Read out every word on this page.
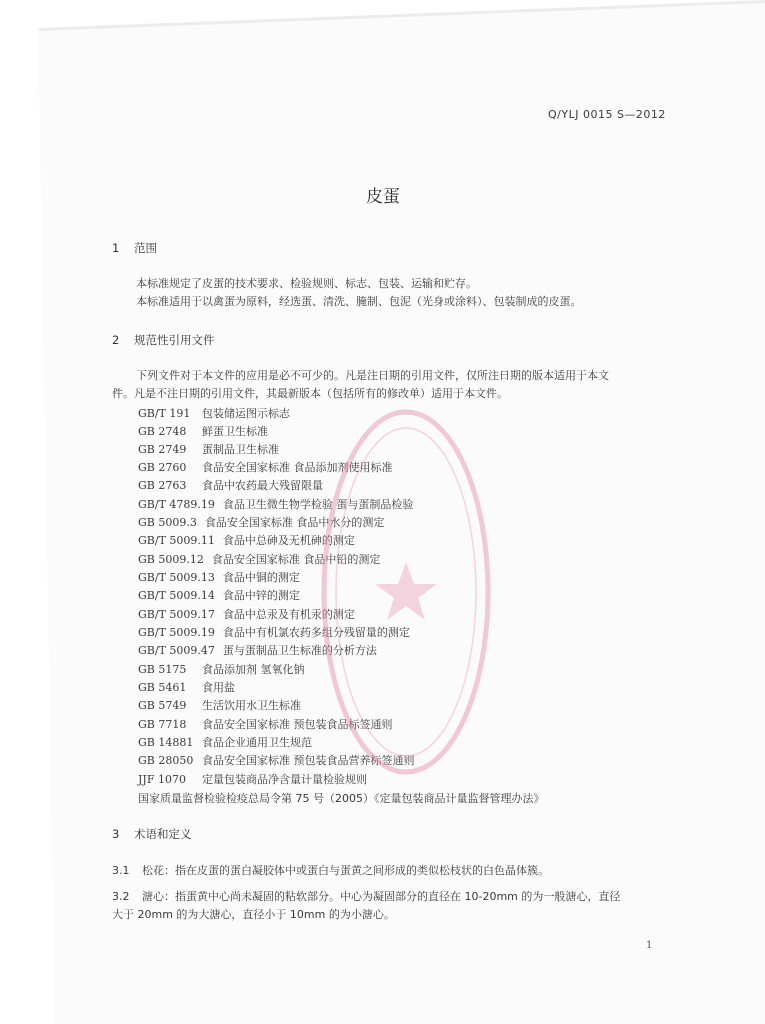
Q/YLJ 0015 S—2012
皮蛋
1 范围
本标准规定了皮蛋的技术要求、检验规则、标志、包装、运输和贮存。
本标准适用于以禽蛋为原料，经选蛋、清洗、腌制、包泥（光身或涂料）、包装制成的皮蛋。
2 规范性引用文件
下列文件对于本文件的应用是必不可少的。凡是注日期的引用文件，仅所注日期的版本适用于本文
件。凡是不注日期的引用文件，其最新版本（包括所有的修改单）适用于本文件。
GB/T 191 包装储运图示标志
GB 2748 鲜蛋卫生标准
GB 2749 蛋制品卫生标准
GB 2760 食品安全国家标准 食品添加剂使用标准
GB 2763 食品中农药最大残留限量
GB/T 4789.19 食品卫生微生物学检验 蛋与蛋制品检验
GB 5009.3 食品安全国家标准 食品中水分的测定
GB/T 5009.11 食品中总砷及无机砷的测定
GB 5009.12 食品安全国家标准 食品中铅的测定
GB/T 5009.13 食品中铜的测定
GB/T 5009.14 食品中锌的测定
GB/T 5009.17 食品中总汞及有机汞的测定
GB/T 5009.19 食品中有机氯农药多组分残留量的测定
GB/T 5009.47 蛋与蛋制品卫生标准的分析方法
GB 5175 食品添加剂 氢氧化钠
GB 5461 食用盐
GB 5749 生活饮用水卫生标准
GB 7718 食品安全国家标准 预包装食品标签通则
GB 14881 食品企业通用卫生规范
GB 28050 食品安全国家标准 预包装食品营养标签通则
JJF 1070 定量包装商品净含量计量检验规则
国家质量监督检验检疫总局令第 75 号（2005）《定量包装商品计量监督管理办法》
3 术语和定义
3.1 松花：指在皮蛋的蛋白凝胶体中或蛋白与蛋黄之间形成的类似松枝状的白色晶体簇。
3.2 溏心：指蛋黄中心尚未凝固的粘软部分。中心为凝固部分的直径在 10-20mm 的为一般溏心，直径
大于 20mm 的为大溏心，直径小于 10mm 的为小溏心。
1
